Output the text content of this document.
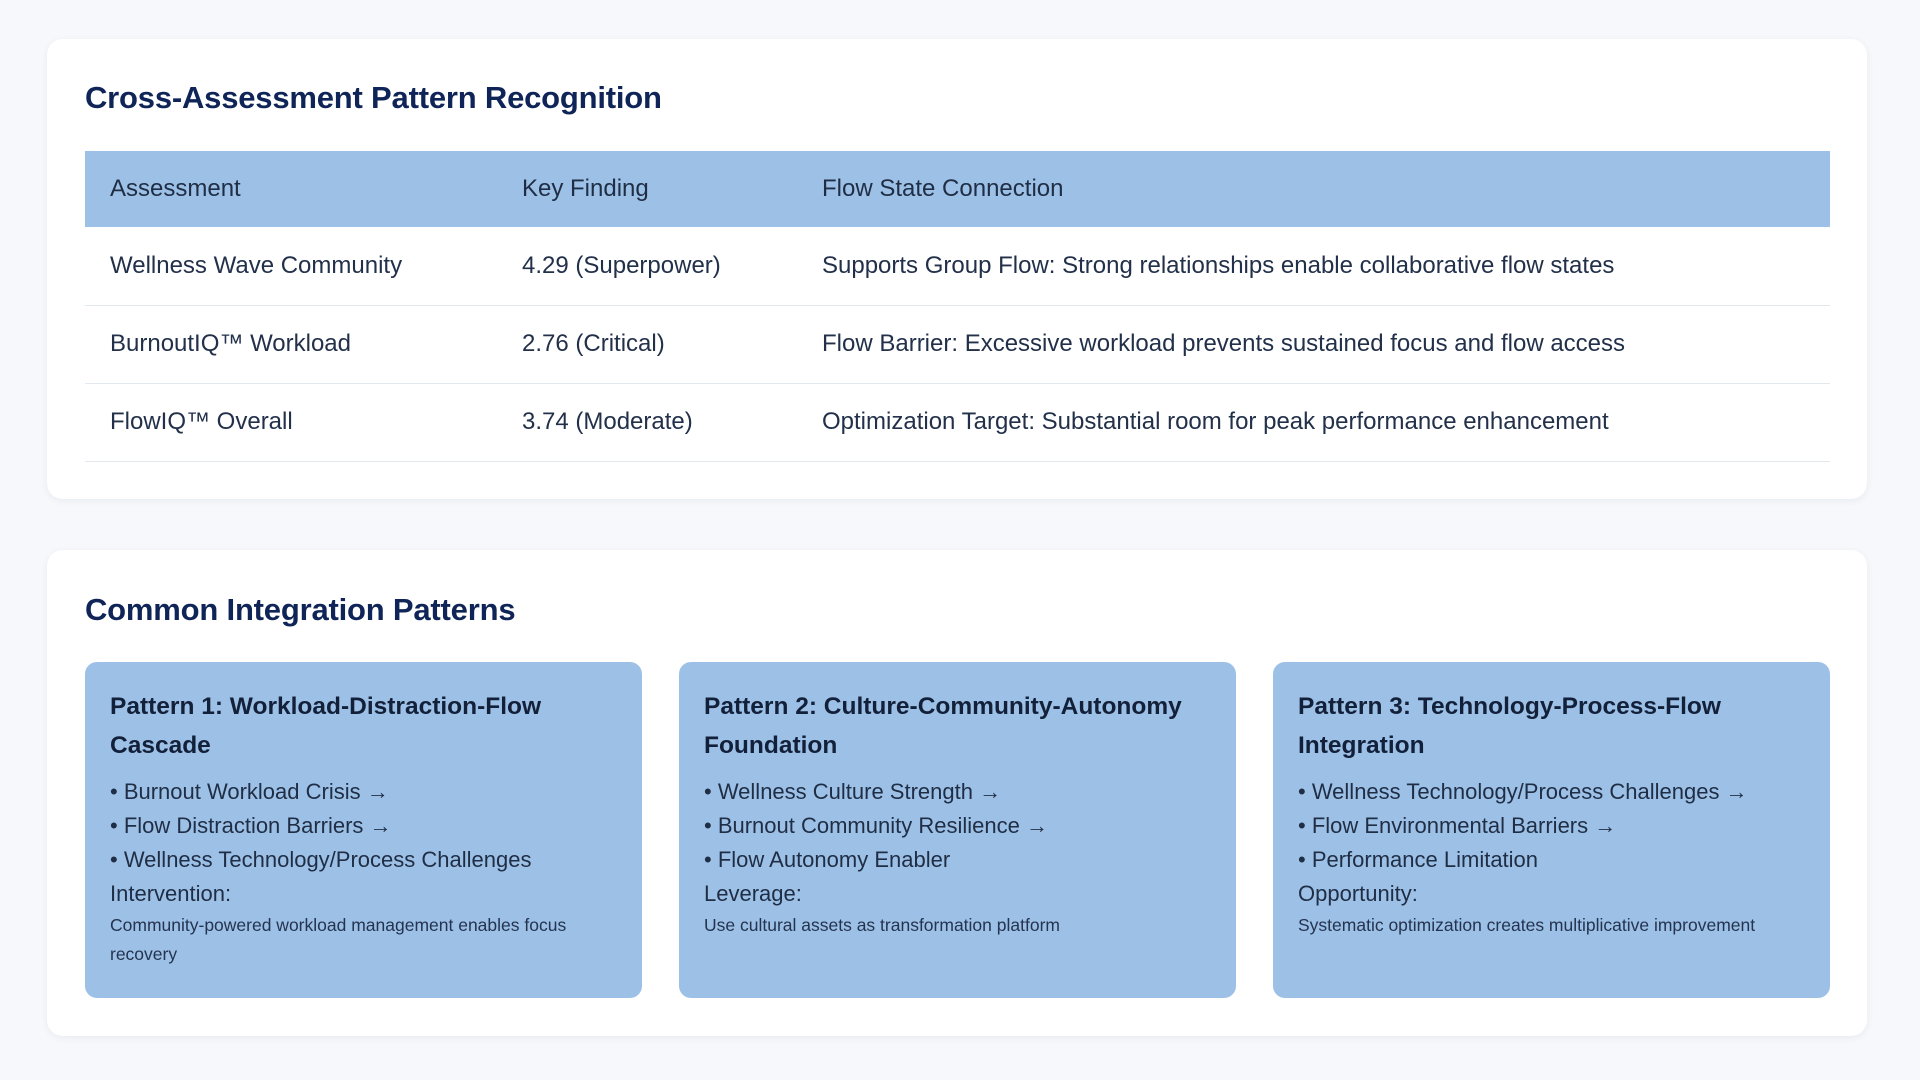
Cross-Assessment Pattern Recognition
Assessment	Key Finding	Flow State Connection
Wellness Wave Community	4.29 (Superpower)	Supports Group Flow: Strong relationships enable collaborative flow states
BurnoutIQ™ Workload	2.76 (Critical)	Flow Barrier: Excessive workload prevents sustained focus and flow access
FlowIQ™ Overall	3.74 (Moderate)	Optimization Target: Substantial room for peak performance enhancement
Common Integration Patterns
Pattern 1: Workload-Distraction-Flow Cascade
• Burnout Workload Crisis →
• Flow Distraction Barriers →
• Wellness Technology/Process Challenges
Intervention:
Community-powered workload management enables focus recovery
Pattern 2: Culture-Community-Autonomy Foundation
• Wellness Culture Strength →
• Burnout Community Resilience →
• Flow Autonomy Enabler
Leverage:
Use cultural assets as transformation platform
Pattern 3: Technology-Process-Flow Integration
• Wellness Technology/Process Challenges →
• Flow Environmental Barriers →
• Performance Limitation
Opportunity:
Systematic optimization creates multiplicative improvement
